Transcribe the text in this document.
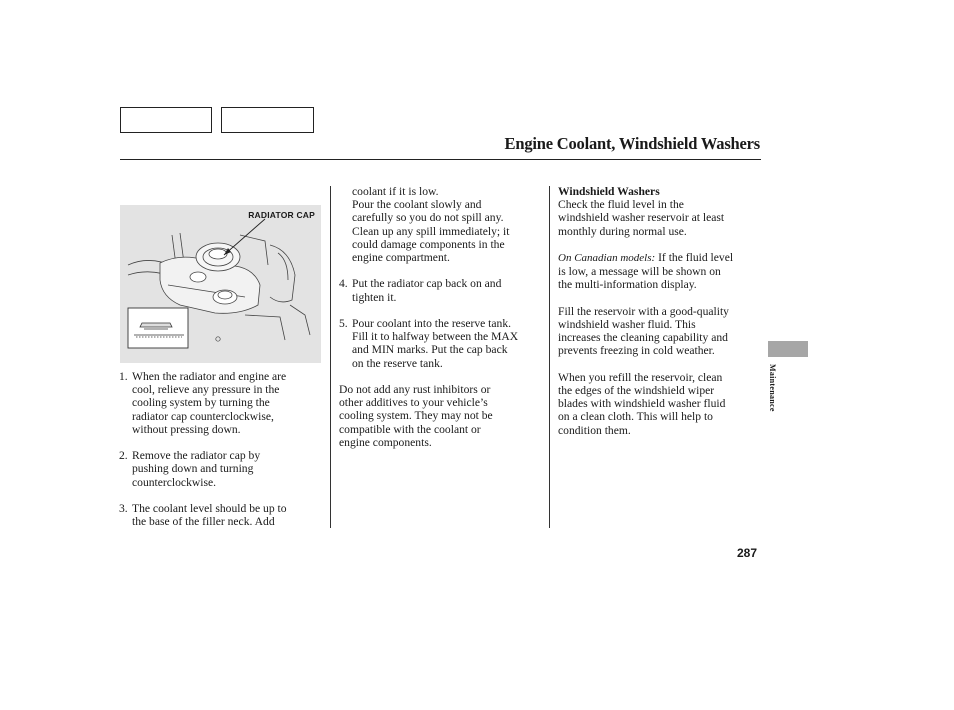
Engine Coolant, Windshield Washers
RADIATOR CAP
1. When the radiator and engine are
cool, relieve any pressure in the
cooling system by turning the
radiator cap counterclockwise,
without pressing down.
2. Remove the radiator cap by
pushing down and turning
counterclockwise.
3. The coolant level should be up to
the base of the filler neck. Add
coolant if it is low.
Pour the coolant slowly and
carefully so you do not spill any.
Clean up any spill immediately; it
could damage components in the
engine compartment.
4. Put the radiator cap back on and
tighten it.
5. Pour coolant into the reserve tank.
Fill it to halfway between the MAX
and MIN marks. Put the cap back
on the reserve tank.
Do not add any rust inhibitors or
other additives to your vehicle’s
cooling system. They may not be
compatible with the coolant or
engine components.
Windshield Washers
Check the fluid level in the
windshield washer reservoir at least
monthly during normal use.
On Canadian models: If the fluid level
is low, a message will be shown on
the multi-information display.
Fill the reservoir with a good-quality
windshield washer fluid. This
increases the cleaning capability and
prevents freezing in cold weather.
When you refill the reservoir, clean
the edges of the windshield wiper
blades with windshield washer fluid
on a clean cloth. This will help to
condition them.
Maintenance
287
